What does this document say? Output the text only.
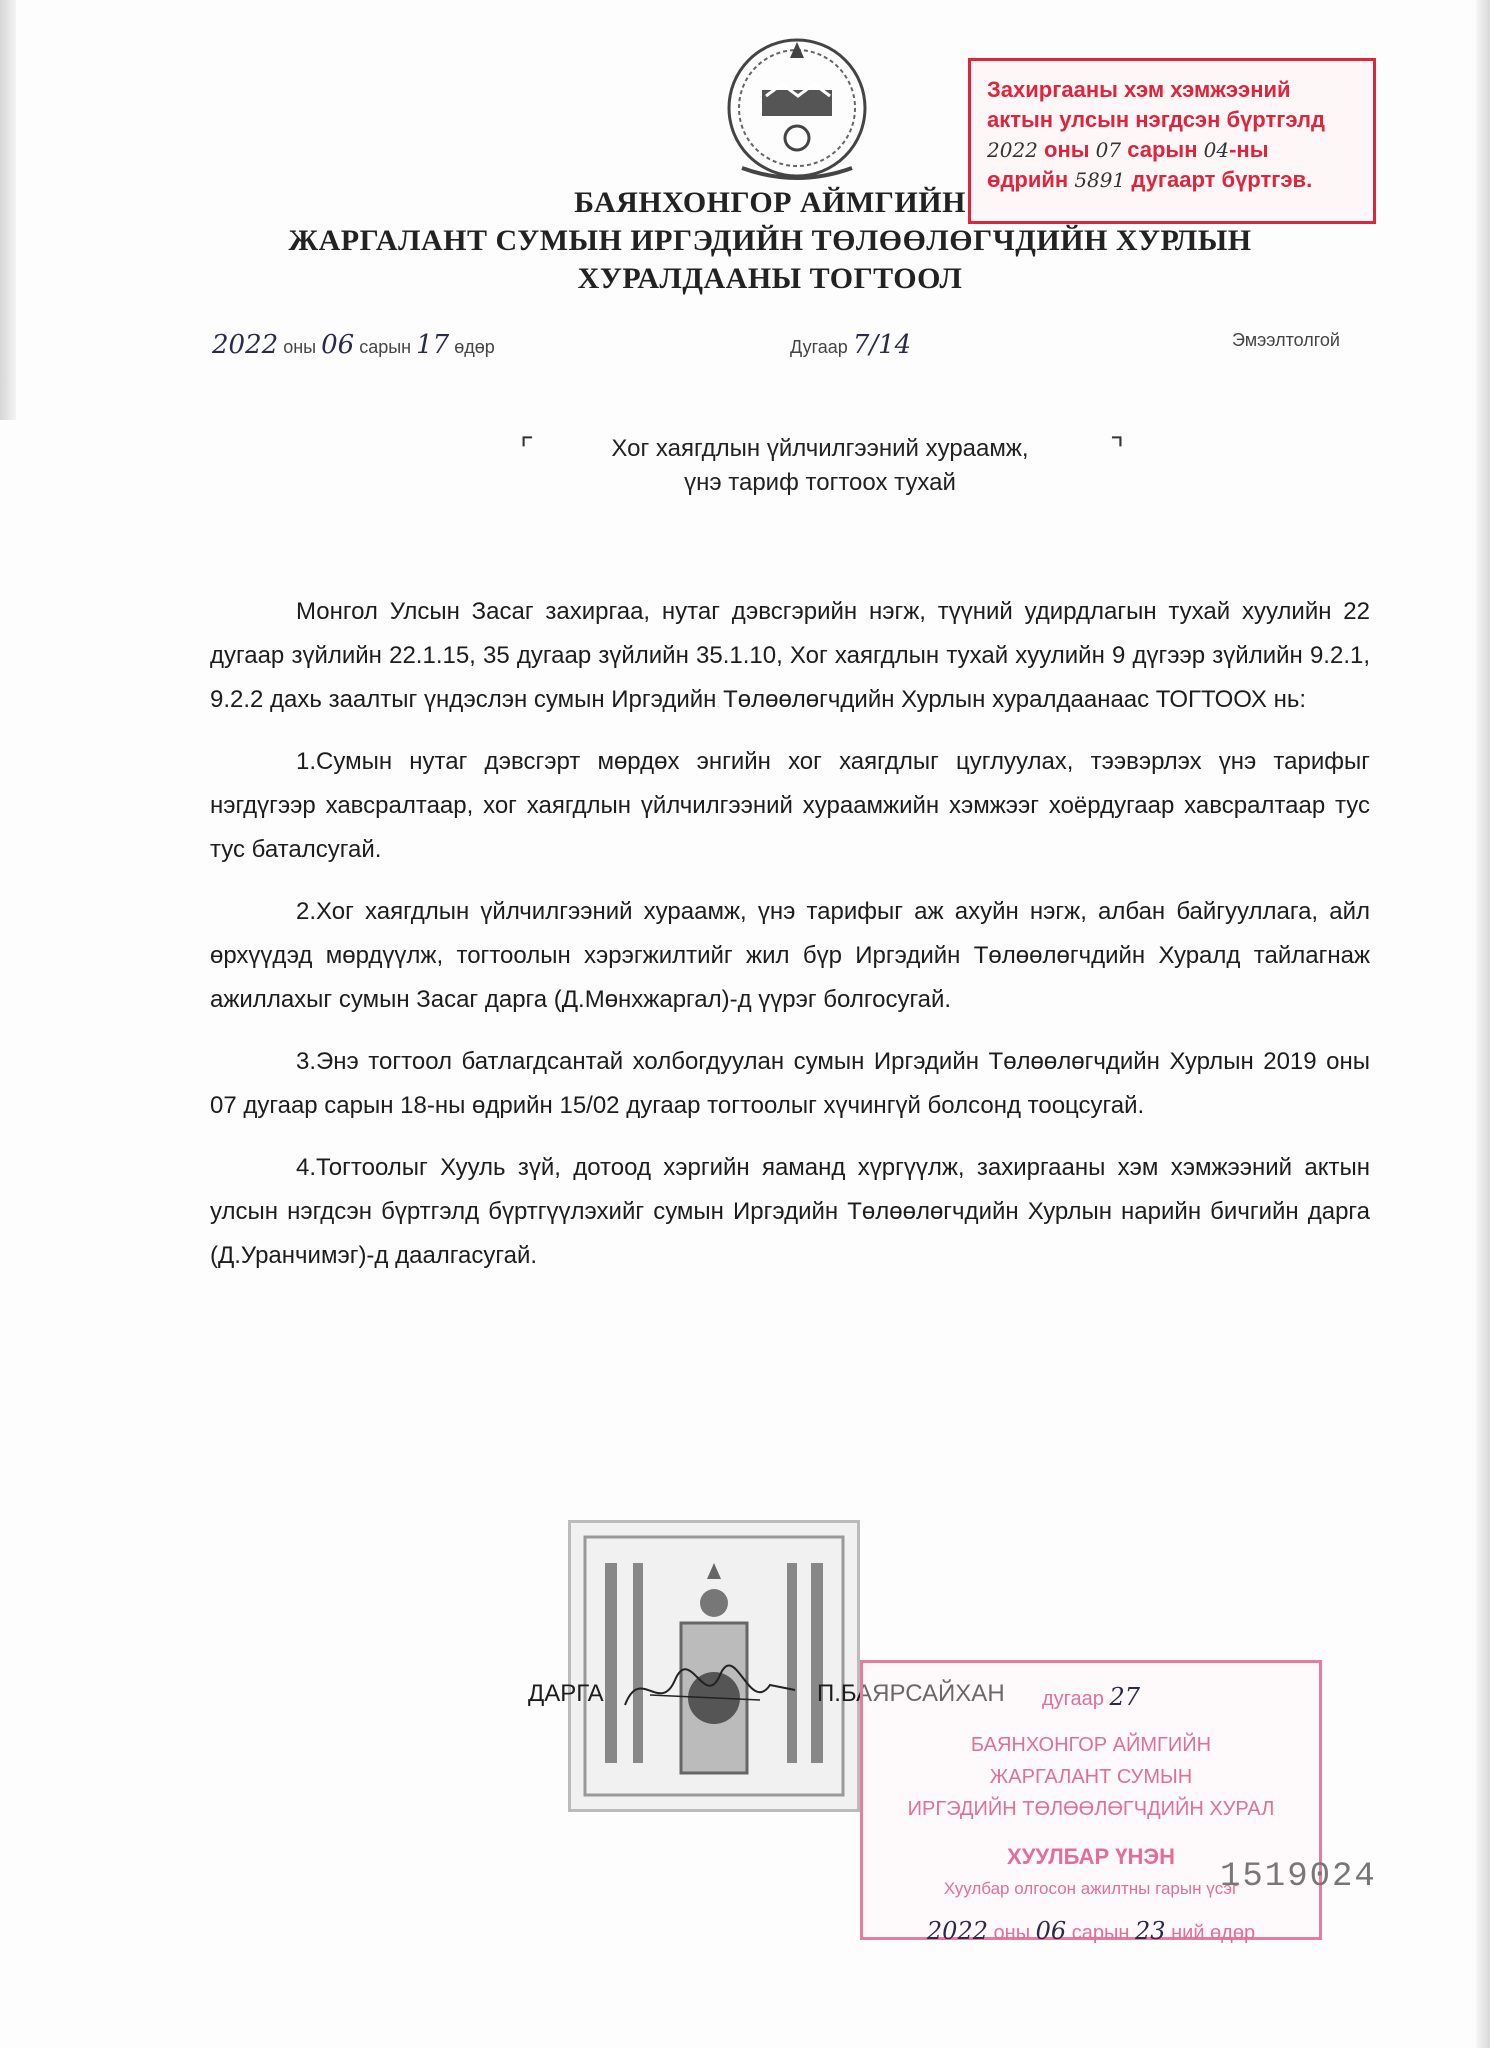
БАЯНХОНГОР АЙМГИЙН
ЖАРГАЛАНТ СУМЫН ИРГЭДИЙН ТӨЛӨӨЛӨГЧДИЙН ХУРЛЫН
ХУРАЛДААНЫ ТОГТООЛ
Захиргааны хэм хэмжээний
актын улсын нэгдсэн бүртгэлд
2022 оны 07 сарын 04-ны
өдрийн 5891 дугаарт бүртгэв.
2022 оны 06 сарын 17 өдөр	Дугаар 7/14	Эмээлтолгой
⌜	⌝
Хог хаягдлын үйлчилгээний хураамж,
үнэ тариф тогтоох тухай

Монгол Улсын Засаг захиргаа, нутаг дэвсгэрийн нэгж, түүний удирдлагын тухай хуулийн 22 дугаар зүйлийн 22.1.15, 35 дугаар зүйлийн 35.1.10, Хог хаягдлын тухай хуулийн 9 дүгээр зүйлийн 9.2.1, 9.2.2 дахь заалтыг үндэслэн сумын Иргэдийн Төлөөлөгчдийн Хурлын хуралдаанаас ТОГТООХ нь:

1.Сумын нутаг дэвсгэрт мөрдөх энгийн хог хаягдлыг цуглуулах, тээвэрлэх үнэ тарифыг нэгдүгээр хавсралтаар, хог хаягдлын үйлчилгээний хураамжийн хэмжээг хоёрдугаар хавсралтаар тус тус баталсугай.

2.Хог хаягдлын үйлчилгээний хураамж, үнэ тарифыг аж ахуйн нэгж, албан байгууллага, айл өрхүүдэд мөрдүүлж, тогтоолын хэрэгжилтийг жил бүр Иргэдийн Төлөөлөгчдийн Хуралд тайлагнаж ажиллахыг сумын Засаг дарга (Д.Мөнхжаргал)-д үүрэг болгосугай.

3.Энэ тогтоол батлагдсантай холбогдуулан сумын Иргэдийн Төлөөлөгчдийн Хурлын 2019 оны 07 дугаар сарын 18-ны өдрийн 15/02 дугаар тогтоолыг хүчингүй болсонд тооцсугай.

4.Тогтоолыг Хууль зүй, дотоод хэргийн яаманд хүргүүлж, захиргааны хэм хэмжээний актын улсын нэгдсэн бүртгэлд бүртгүүлэхийг сумын Иргэдийн Төлөөлөгчдийн Хурлын нарийн бичгийн дарга (Д.Уранчимэг)-д даалгасугай.

ДАРГА	П.БАЯРСАЙХАН	дугаар 27
БАЯНХОНГОР АЙМГИЙН
ЖАРГАЛАНТ СУМЫН
ИРГЭДИЙН ТӨЛӨӨЛӨГЧДИЙН ХУРАЛ
ХУУЛБАР ҮНЭН
Хуулбар олгосон ажилтны гарын үсэг
2022 оны 06 сарын 23 ний өдөр
1519024
